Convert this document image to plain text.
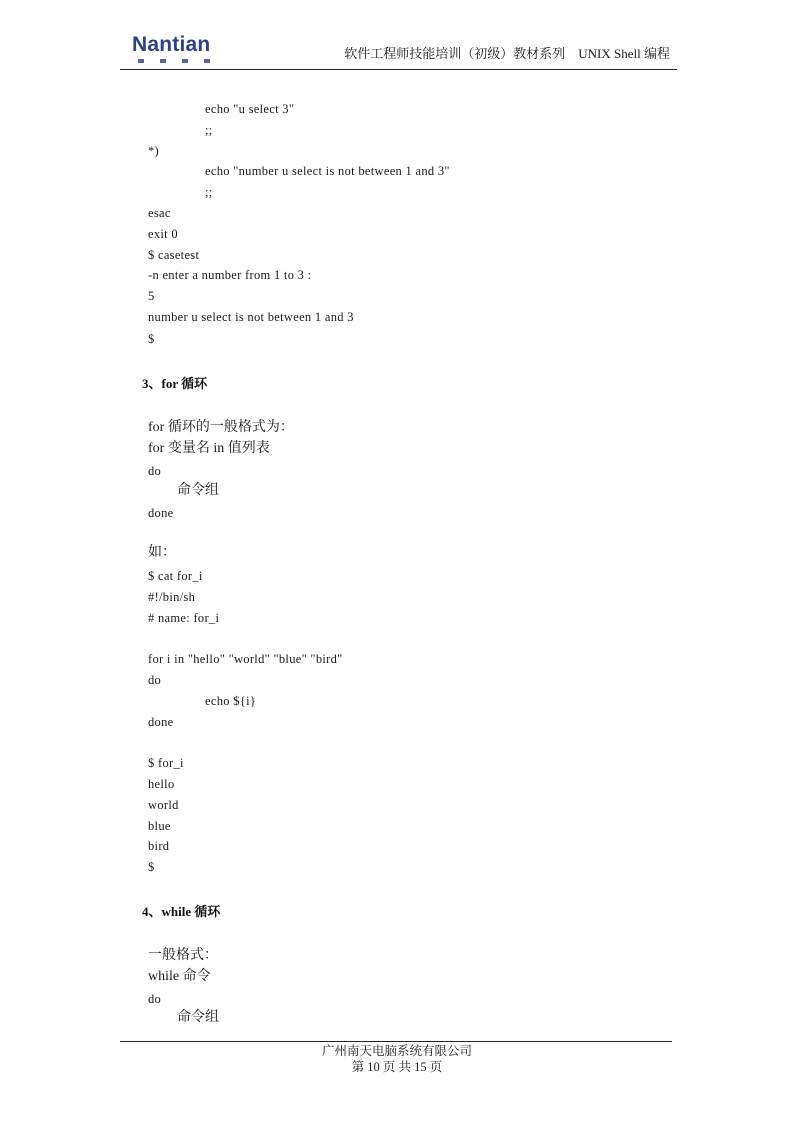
Nantian	软件工程师技能培训（初级）教材系列　UNIX Shell 编程
echo "u select 3"
;;
*)
echo "number u select is not between 1 and 3"
;;
esac
exit 0
$ casetest
-n enter a number from 1 to 3 :
5
number u select is not between 1 and 3
$
3、for 循环
for 循环的一般格式为：
for 变量名 in 值列表
do
命令组
done
如：
$ cat for_i
#!/bin/sh
# name: for_i
for i in "hello" "world" "blue" "bird"
do
echo ${i}
done
$ for_i
hello
world
blue
bird
$
4、while 循环
一般格式：
while 命令
do
命令组
广州南天电脑系统有限公司
第 10 页 共 15 页
